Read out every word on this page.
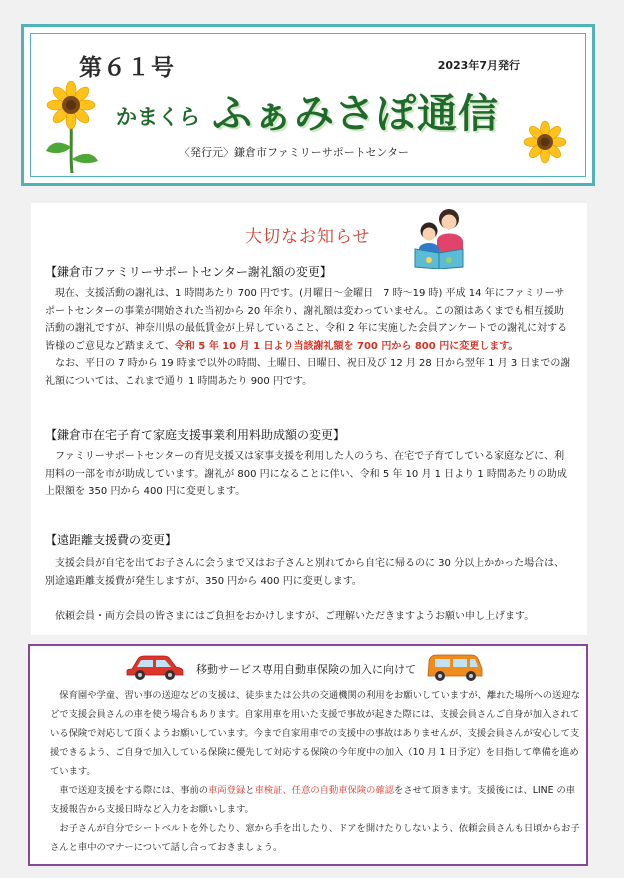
第６１号	2023年7月発行
かまくら ふぁみさぽ通信
〈発行元〉鎌倉市ファミリーサポートセンター
大切なお知らせ
【鎌倉市ファミリーサポートセンター謝礼額の変更】
現在、支援活動の謝礼は、1 時間あたり 700 円です。(月曜日～金曜日　7 時～19 時) 平成 14 年にファミリーサポートセンターの事業が開始された当初から 20 年余り、謝礼額は変わっていません。この額はあくまでも相互援助活動の謝礼ですが、神奈川県の最低賃金が上昇していること、令和 2 年に実施した会員アンケートでの謝礼に対する皆様のご意見など踏まえて、令和 5 年 10 月 1 日より当該謝礼額を 700 円から 800 円に変更します。
なお、平日の 7 時から 19 時まで以外の時間、土曜日、日曜日、祝日及び 12 月 28 日から翌年 1 月 3 日までの謝礼額については、これまで通り 1 時間あたり 900 円です。
【鎌倉市在宅子育て家庭支援事業利用料助成額の変更】
ファミリーサポートセンターの育児支援又は家事支援を利用した人のうち、在宅で子育てしている家庭などに、利用料の一部を市が助成しています。謝礼が 800 円になることに伴い、令和 5 年 10 月 1 日より 1 時間あたりの助成上限額を 350 円から 400 円に変更します。
【遠距離支援費の変更】
支援会員が自宅を出てお子さんに会うまで又はお子さんと別れてから自宅に帰るのに 30 分以上かかった場合は、別途遠距離支援費が発生しますが、350 円から 400 円に変更します。
依頼会員・両方会員の皆さまにはご負担をおかけしますが、ご理解いただきますようお願い申し上げます。
移動サービス専用自動車保険の加入に向けて

保育園や学童、習い事の送迎などの支援は、徒歩または公共の交通機関の利用をお願いしていますが、離れた場所への送迎などで支援会員さんの車を使う場合もあります。自家用車を用いた支援で事故が起きた際には、支援会員さんご自身が加入されている保険で対応して頂くようお願いしています。今まで自家用車での支援中の事故はありませんが、支援会員さんが安心して支援できるよう、ご自身で加入している保険に優先して対応する保険の今年度中の加入（10 月 1 日予定）を目指して準備を進めています。

車で送迎支援をする際には、事前の車両登録と車検証、任意の自動車保険の確認をさせて頂きます。支援後には、LINE の車支援報告から支援日時など入力をお願いします。

お子さんが自分でシートベルトを外したり、窓から手を出したり、ドアを開けたりしないよう、依頼会員さんも日頃からお子さんと車中のマナーについて話し合っておきましょう。
